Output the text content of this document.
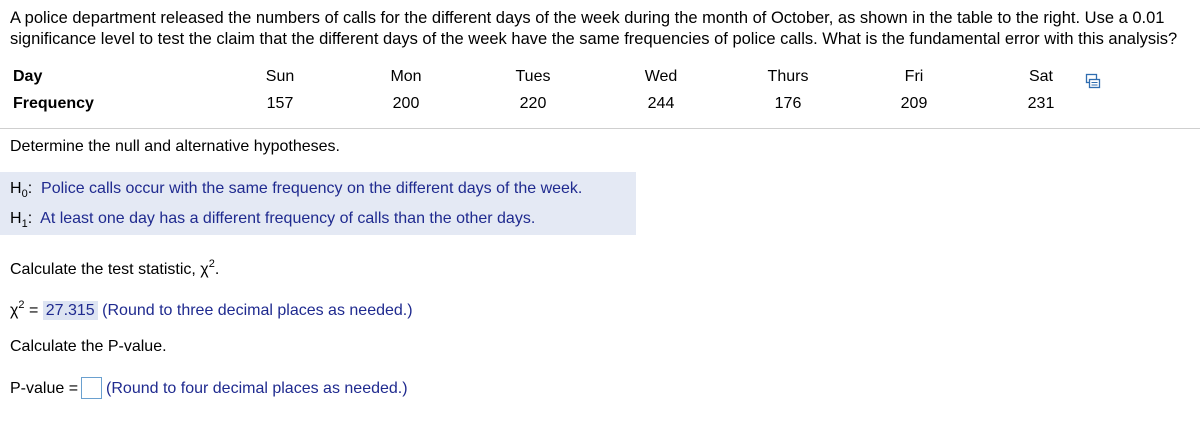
A police department released the numbers of calls for the different days of the week during the month of October, as shown in the table to the right. Use a 0.01 significance level to test the claim that the different days of the week have the same frequencies of police calls. What is the fundamental error with this analysis?
Day	Sun	Mon	Tues	Wed	Thurs	Fri	Sat
Frequency	157	200	220	244	176	209	231
Determine the null and alternative hypotheses.
$H_0$:  Police calls occur with the same frequency on the different days of the week.
$H_1$:  At least one day has a different frequency of calls than the other days.
Calculate the test statistic, $\chi^2$.
$\chi^2 = 27.315$ (Round to three decimal places as needed.)
Calculate the P-value.
P-value = (Round to four decimal places as needed.)
